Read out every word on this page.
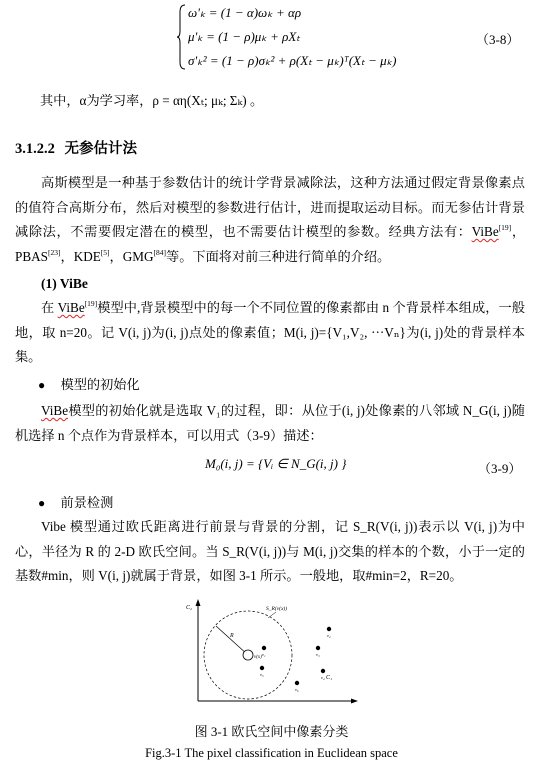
ω'ₖ = (1 − α)ωₖ + αρ
μ'ₖ = (1 − ρ)μₖ + ρXₜ
σ'ₖ² = (1 − ρ)σₖ² + ρ(Xₜ − μₖ)ᵀ(Xₜ − μₖ)
（3-8）
其中，α为学习率，ρ = αη(Xₜ; μₖ; Σₖ) 。
3.1.2.2 无参估计法
高斯模型是一种基于参数估计的统计学背景减除法，这种方法通过假定背景像素点的值符合高斯分布，然后对模型的参数进行估计，进而提取运动目标。而无参估计背景减除法，不需要假定潜在的模型，也不需要估计模型的参数。经典方法有：ViBe[19]，PBAS[23]，KDE[5]，GMG[84]等。下面将对前三种进行简单的介绍。
(1) ViBe
在 ViBe[19]模型中,背景模型中的每一个不同位置的像素都由 n 个背景样本组成，一般地，取 n=20。记 V(i, j)为(i, j)点处的像素值；M(i, j)={V₁,V₂, ···Vₙ}为(i, j)处的背景样本集。
● 模型的初始化
ViBe模型的初始化就是选取 V₁的过程，即：从位于(i, j)处像素的八邻域 N_G(i, j)随机选择 n 个点作为背景样本，可以用式（3-9）描述：
M₀(i, j) = {Vᵢ ∈ N_G(i, j) }	（3-9）
● 前景检测
Vibe 模型通过欧氏距离进行前景与背景的分割，记 S_R(V(i, j))表示以 V(i, j)为中心，半径为 R 的 2-D 欧氏空间。当 S_R(V(i, j))与 M(i, j)交集的样本的个数，小于一定的基数#min，则 V(i, j)就属于背景，如图 3-1 所示。一般地，取#min=2，R=20。
C₂
C₁
S_R(v(x))
R
v(x)
v₁
v₂
v₃
v₄
v₅
v₆
图 3-1 欧氏空间中像素分类
Fig.3-1 The pixel classification in Euclidean space
